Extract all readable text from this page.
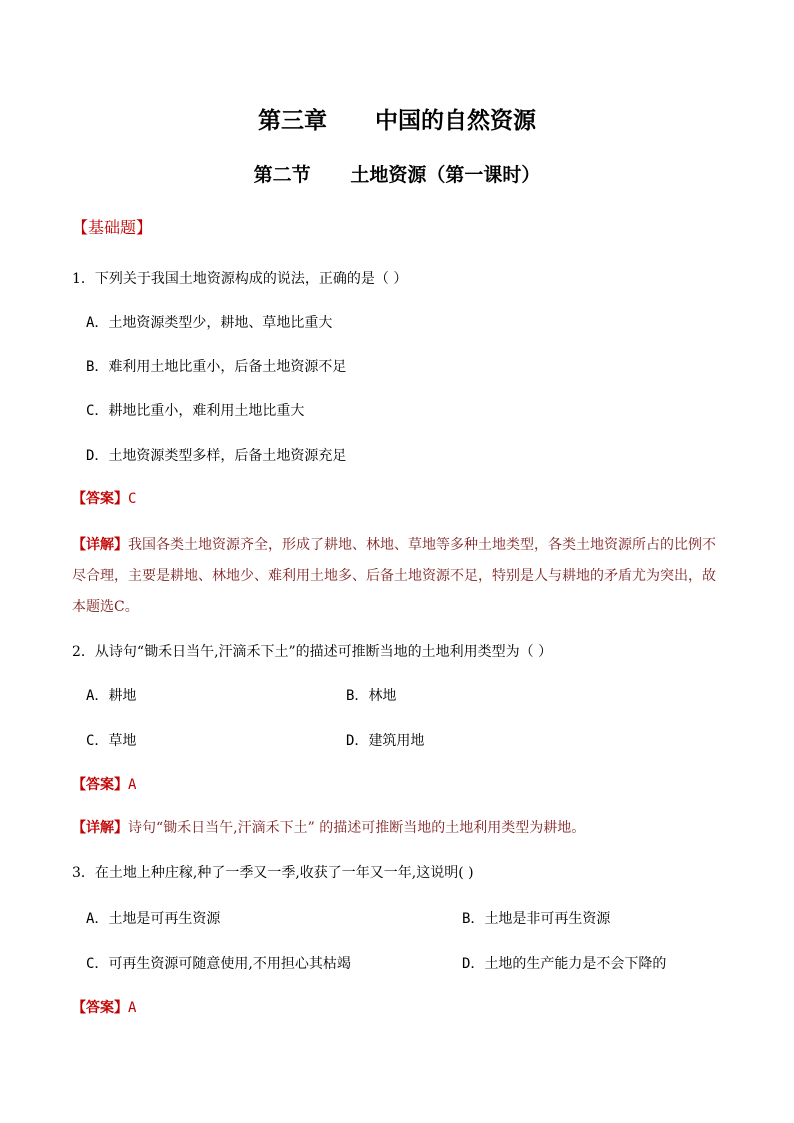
第三章      中国的自然资源
第二节      土地资源（第一课时）
【基础题】
1．下列关于我国土地资源构成的说法，正确的是（ ）
A．土地资源类型少，耕地、草地比重大
B．难利用土地比重小，后备土地资源不足
C．耕地比重小，难利用土地比重大
D．土地资源类型多样，后备土地资源充足
【答案】C
【详解】我国各类土地资源齐全，形成了耕地、林地、草地等多种土地类型，各类土地资源所占的比例不尽合理，主要是耕地、林地少、难利用土地多、后备土地资源不足，特别是人与耕地的矛盾尤为突出，故本题选C。
2．从诗句“锄禾日当午,汗滴禾下土”的描述可推断当地的土地利用类型为（ ）
A．耕地	B．林地
C．草地	D．建筑用地
【答案】A
【详解】诗句“锄禾日当午,汗滴禾下土” 的描述可推断当地的土地利用类型为耕地。
3．在土地上种庄稼,种了一季又一季,收获了一年又一年,这说明( )
A．土地是可再生资源	B．土地是非可再生资源
C．可再生资源可随意使用,不用担心其枯竭	D．土地的生产能力是不会下降的
【答案】A
